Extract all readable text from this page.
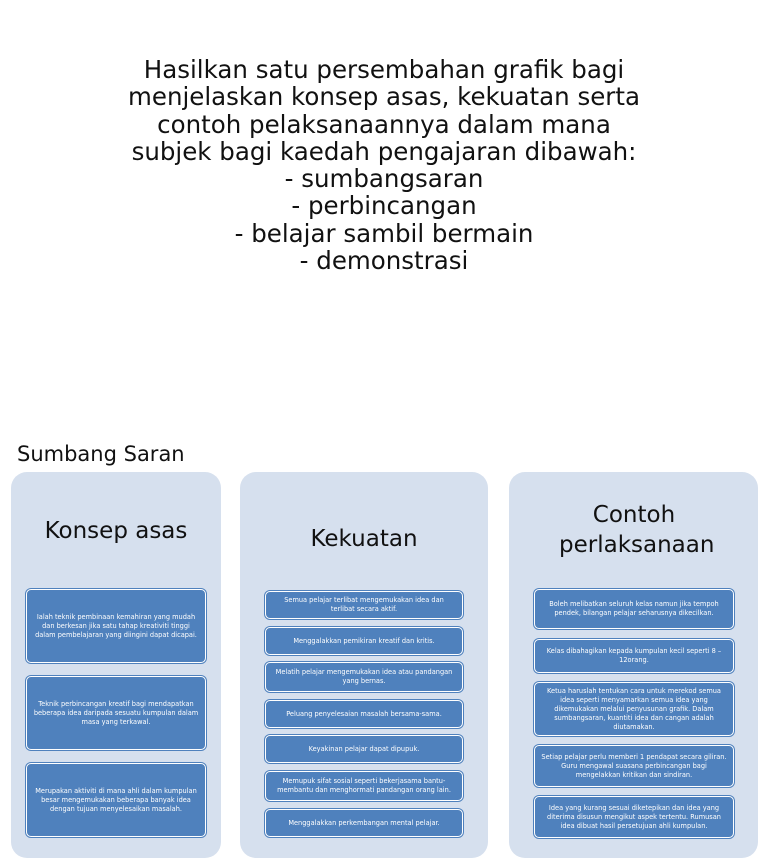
Hasilkan satu persembahan grafik bagi
menjelaskan konsep asas, kekuatan serta
contoh pelaksanaannya dalam mana
subjek bagi kaedah pengajaran dibawah:
- sumbangsaran
- perbincangan
- belajar sambil bermain
- demonstrasi
Sumbang Saran
Konsep asas
Ialah teknik pembinaan kemahiran yang mudah dan berkesan jika satu tahap kreativiti tinggi dalam pembelajaran yang diingini dapat dicapai.
Teknik perbincangan kreatif bagi mendapatkan beberapa idea daripada sesuatu kumpulan dalam masa yang terkawal.
Merupakan aktiviti di mana ahli dalam kumpulan besar mengemukakan beberapa banyak idea dengan tujuan menyelesaikan masalah.
Kekuatan
Semua pelajar terlibat mengemukakan idea dan terlibat secara aktif.
Menggalakkan pemikiran kreatif dan kritis.
Melatih pelajar mengemukakan idea atau pandangan yang bernas.
Peluang penyelesaian masalah bersama-sama.
Keyakinan pelajar dapat dipupuk.
Memupuk sifat sosial seperti bekerjasama bantu-membantu dan menghormati pandangan orang lain.
Menggalakkan perkembangan mental pelajar.
Contoh perlaksanaan
Boleh melibatkan seluruh kelas namun jika tempoh pendek, bilangan pelajar seharusnya dikecilkan.
Kelas dibahagikan kepada kumpulan kecil seperti 8 – 12orang.
Ketua haruslah tentukan cara untuk merekod semua idea seperti menyamarkan semua idea yang dikemukakan melalui penyusunan grafik. Dalam sumbangsaran, kuantiti idea dan cangan adalah diutamakan.
Setiap pelajar perlu memberi 1 pendapat secara giliran. Guru mengawal suasana perbincangan bagi mengelakkan kritikan dan sindiran.
Idea yang kurang sesuai diketepikan dan idea yang diterima disusun mengikut aspek tertentu. Rumusan idea dibuat hasil persetujuan ahli kumpulan.
